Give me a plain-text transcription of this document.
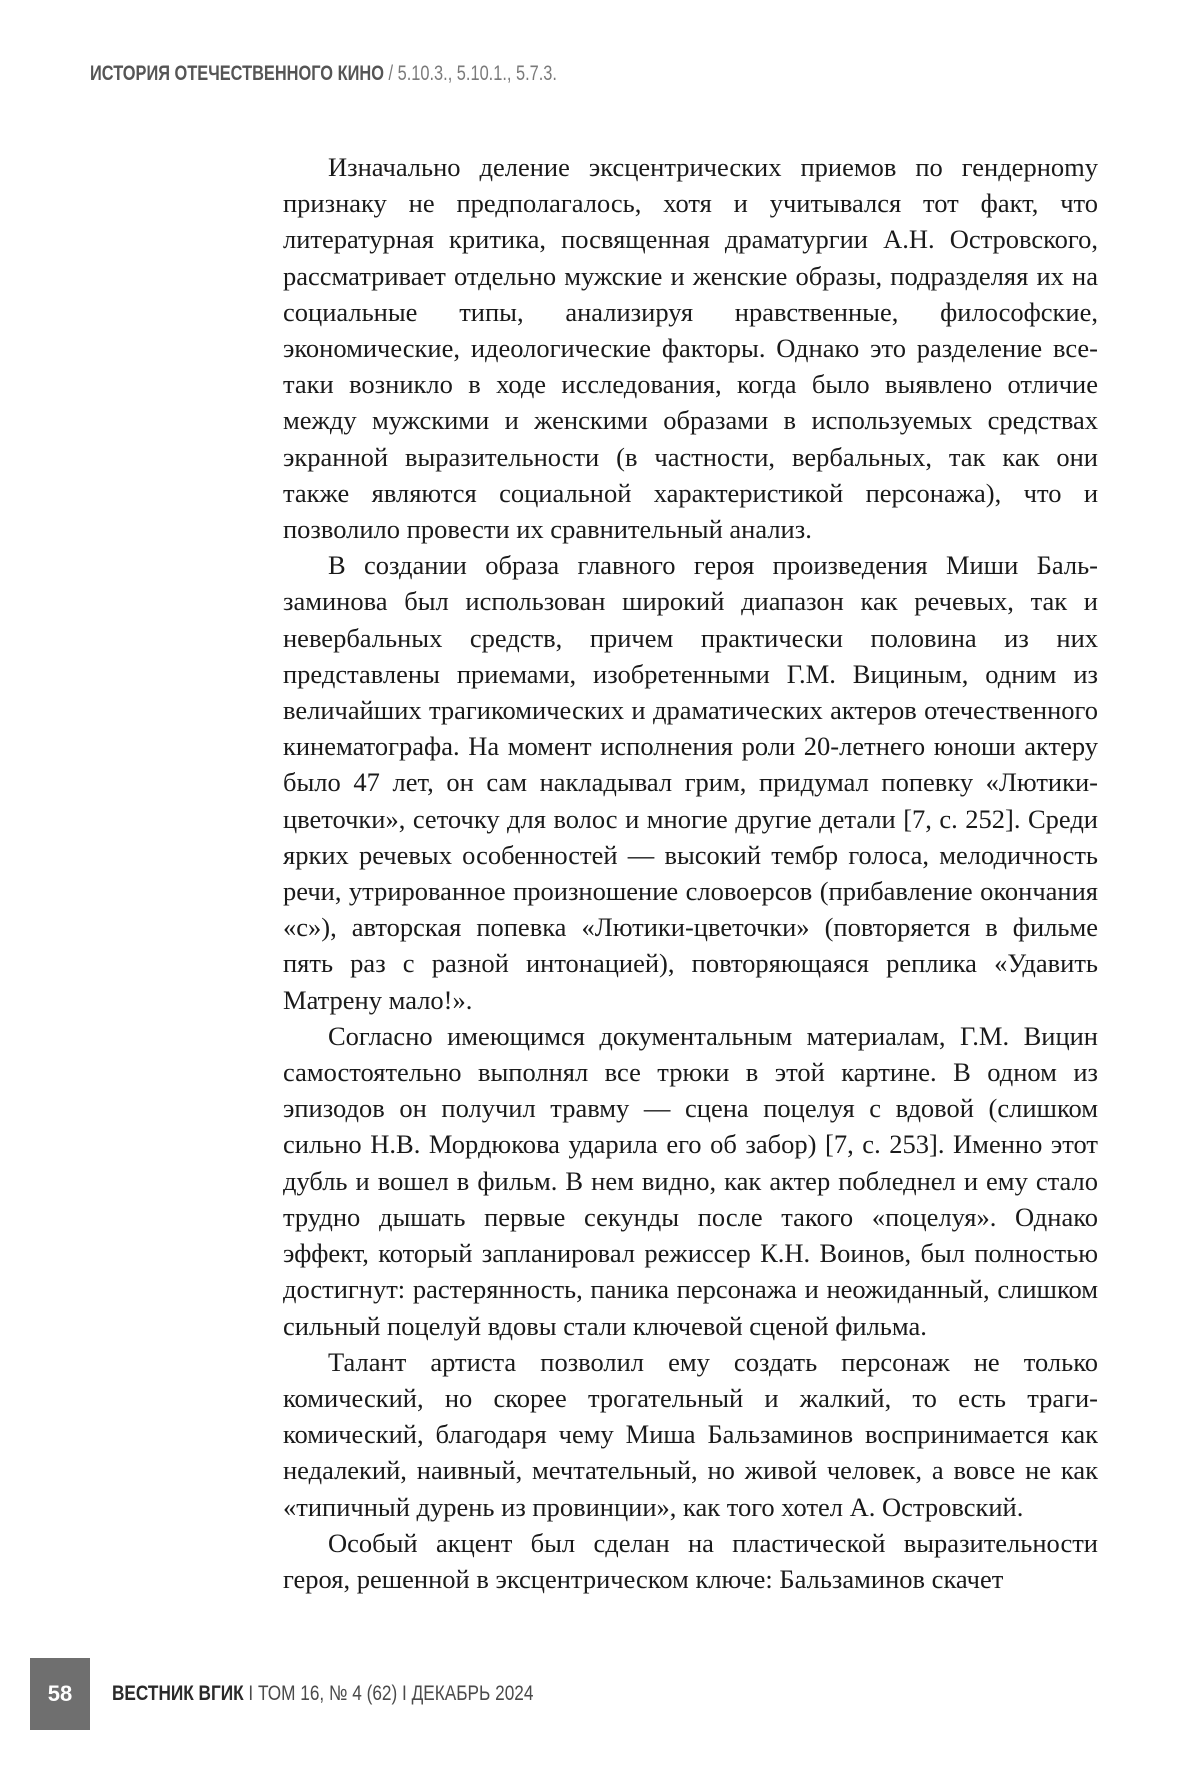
ИСТОРИЯ ОТЕЧЕСТВЕННОГО КИНО / 5.10.3., 5.10.1., 5.7.3.

Изначально деление эксцентрических приемов по гендерноmу признаку не предполагалось, хотя и учитывался тот факт, что литературная критика, посвященная драматургии А.Н. Островского, рассматривает отдельно мужские и женские образы, подразделяя их на социальные типы, анализируя нравственные, философские, экономические, идеологические факторы. Однако это разделение все-таки возникло в ходе исследования, когда было выявлено отличие между мужскими и женскими образами в используемых средствах экранной выразительности (в частности, вербальных, так как они также являются социальной характеристикой персонажа), что и позволило провести их сравнительный анализ.

В создании образа главного героя произведения Миши Бальзаминова был использован широкий диапазон как речевых, так и невербальных средств, причем практически половина из них представлены приемами, изобретенными Г.М. Вициным, одним из величайших трагикомических и драматических актеров отечественного кинематографа. На момент исполнения роли 20-летнего юноши актеру было 47 лет, он сам накладывал грим, придумал попевку «Лютики-цветочки», сеточку для волос и многие другие детали [7, с. 252]. Среди ярких речевых особенностей — высокий тембр голоса, мелодичность речи, утрированное произношение словоерсов (прибавление окончания «с»), авторская попевка «Лютики-цветочки» (повторяется в фильме пять раз с разной интонацией), повторяющаяся реплика «Удавить Матрену мало!».

Согласно имеющимся документальным материалам, Г.М. Вицин самостоятельно выполнял все трюки в этой картине. В одном из эпизодов он получил травму — сцена поцелуя с вдовой (слишком сильно Н.В. Мордюкова ударила его об забор) [7, с. 253]. Именно этот дубль и вошел в фильм. В нем видно, как актер побледнел и ему стало трудно дышать первые секунды после такого «поцелуя». Однако эффект, который запланировал режиссер К.Н. Воинов, был полностью достигнут: растерянность, паника персонажа и неожиданный, слишком сильный поцелуй вдовы стали ключевой сценой фильма.

Талант артиста позволил ему создать персонаж не только комический, но скорее трогательный и жалкий, то есть трагикомический, благодаря чему Миша Бальзаминов воспринимается как недалекий, наивный, мечтательный, но живой человек, а вовсе не как «типичный дурень из провинции», как того хотел А. Островский.

Особый акцент был сделан на пластической выразительности героя, решенной в эксцентрическом ключе: Бальзаминов скачет

58	ВЕСТНИК ВГИК I ТОМ 16, № 4 (62) I ДЕКАБРЬ 2024
